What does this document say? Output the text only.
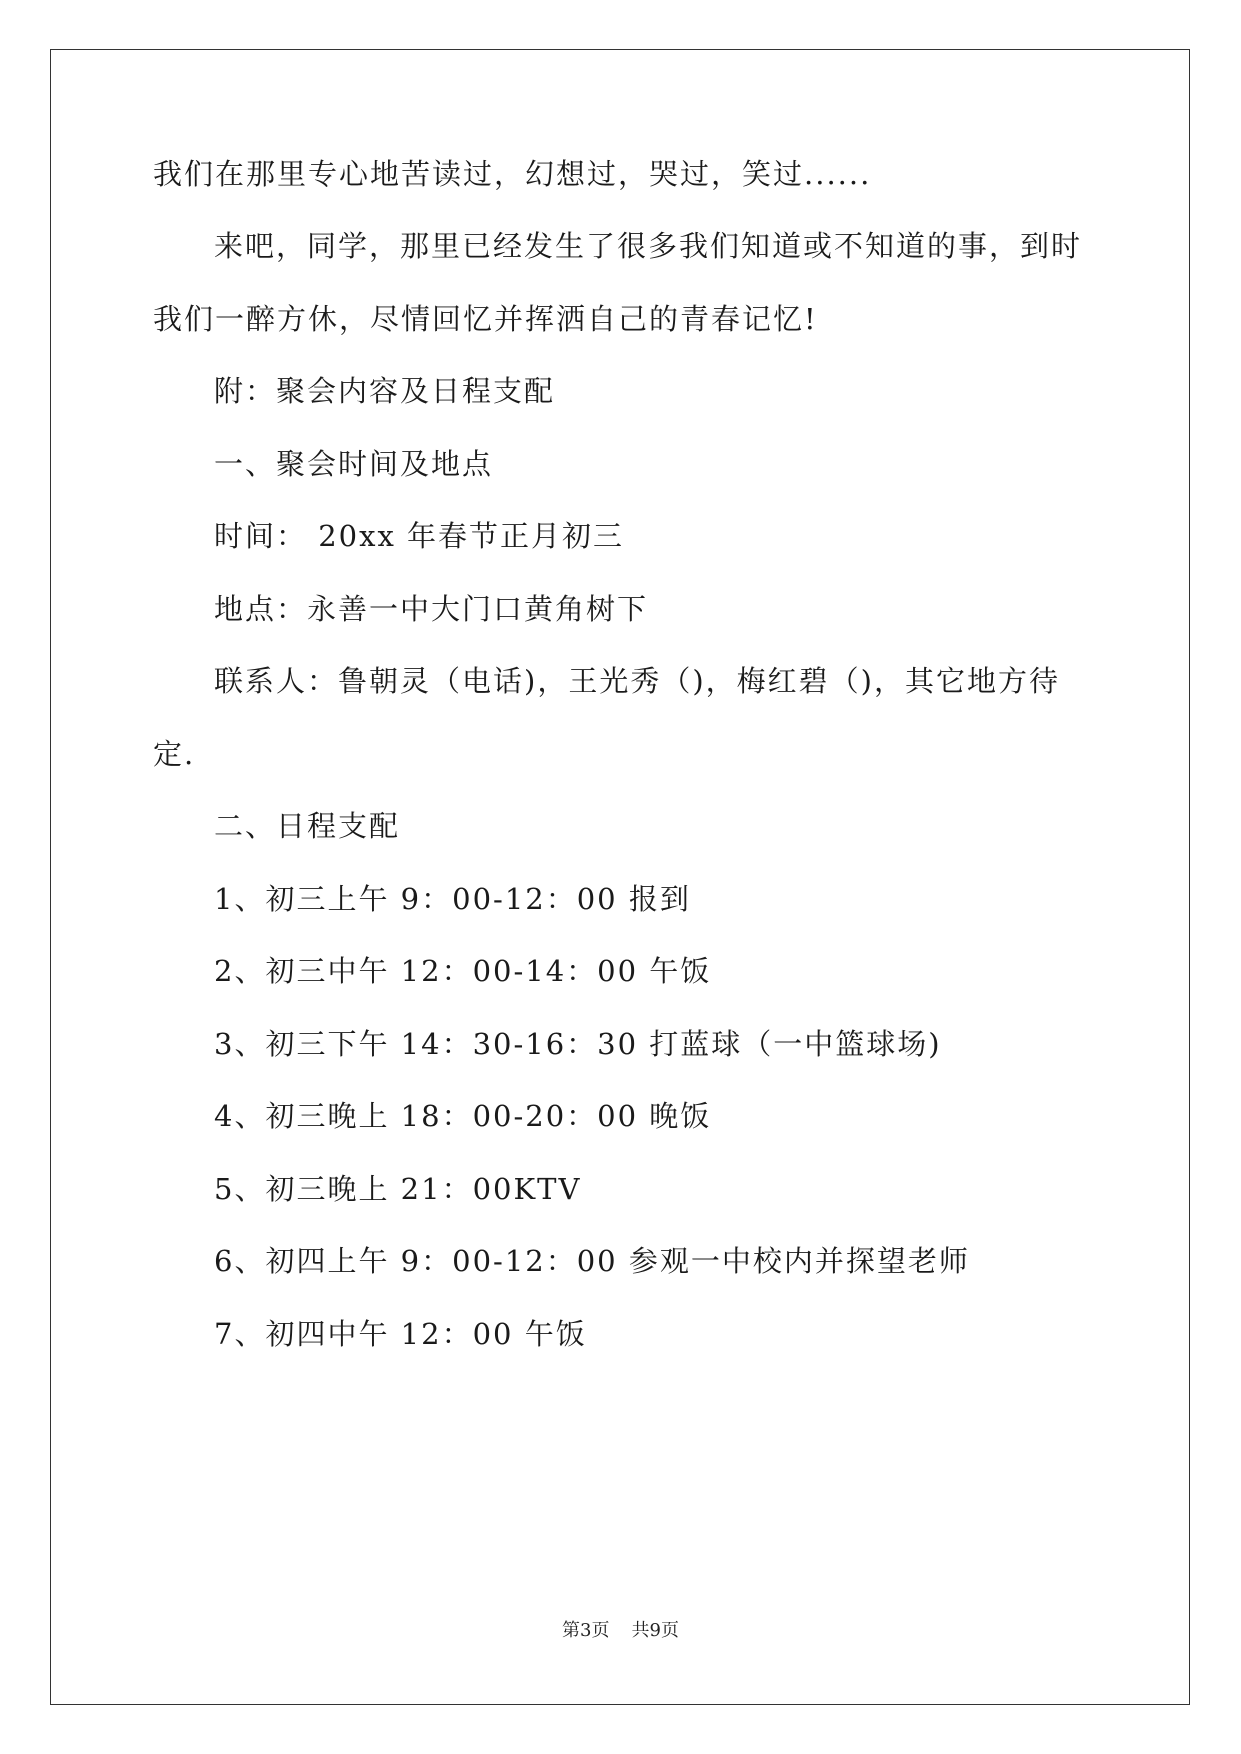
我们在那里专心地苦读过，幻想过，哭过，笑过......
来吧，同学，那里已经发生了很多我们知道或不知道的事，到时
我们一醉方休，尽情回忆并挥洒自己的青春记忆!
附：聚会内容及日程支配
一、聚会时间及地点
时间： 20xx 年春节正月初三
地点：永善一中大门口黄角树下
联系人：鲁朝灵（电话)，王光秀（)，梅红碧（)，其它地方待
定.
二、日程支配
1、初三上午 9：00-12：00 报到
2、初三中午 12：00-14：00 午饭
3、初三下午 14：30-16：30 打蓝球（一中篮球场)
4、初三晚上 18：00-20：00 晚饭
5、初三晚上 21：00KTV
6、初四上午 9：00-12：00 参观一中校内并探望老师
7、初四中午 12：00 午饭
第3页 共9页
